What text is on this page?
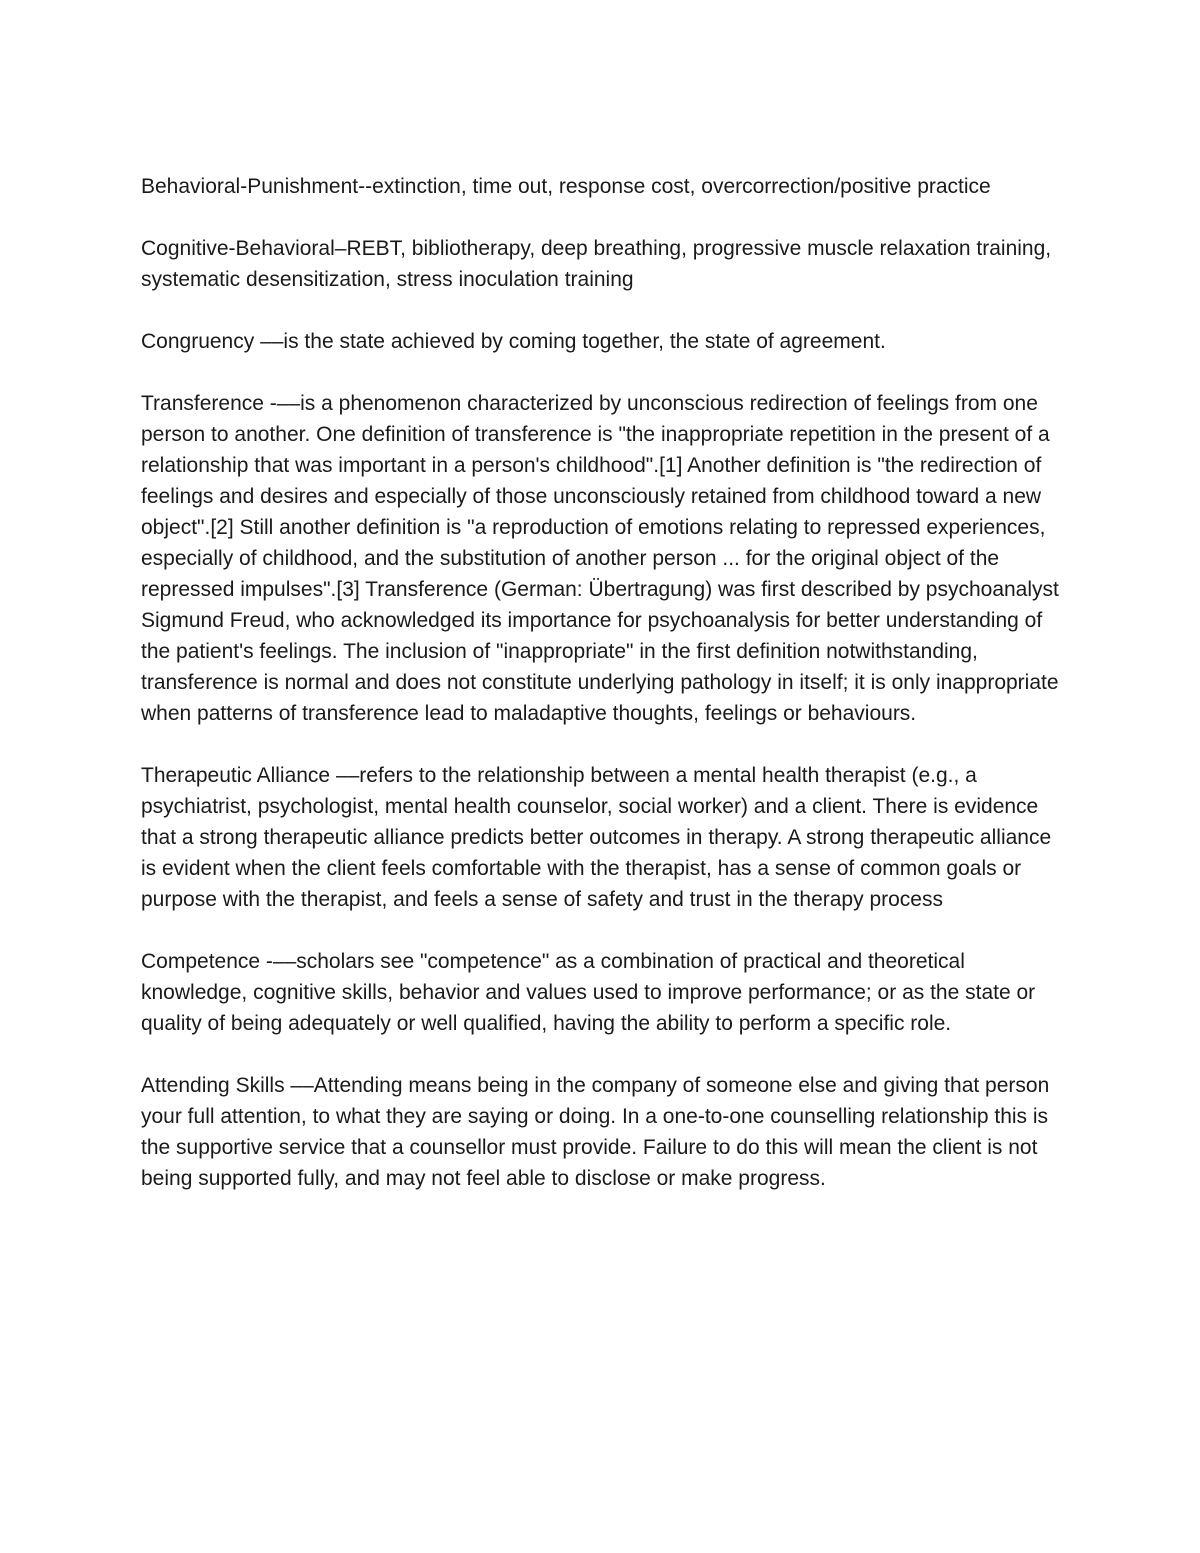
Behavioral-Punishment--extinction, time out, response cost, overcorrection/positive practice

Cognitive-Behavioral–REBT, bibliotherapy, deep breathing, progressive muscle relaxation training, systematic desensitization, stress inoculation training

Congruency ––is the state achieved by coming together, the state of agreement.

Transference -––is a phenomenon characterized by unconscious redirection of feelings from one person to another. One definition of transference is "the inappropriate repetition in the present of a relationship that was important in a person's childhood".[1] Another definition is "the redirection of feelings and desires and especially of those unconsciously retained from childhood toward a new object".[2] Still another definition is "a reproduction of emotions relating to repressed experiences, especially of childhood, and the substitution of another person ... for the original object of the repressed impulses".[3] Transference (German: Übertragung) was first described by psychoanalyst Sigmund Freud, who acknowledged its importance for psychoanalysis for better understanding of the patient's feelings. The inclusion of "inappropriate" in the first definition notwithstanding, transference is normal and does not constitute underlying pathology in itself; it is only inappropriate when patterns of transference lead to maladaptive thoughts, feelings or behaviours.

Therapeutic Alliance ––refers to the relationship between a mental health therapist (e.g., a psychiatrist, psychologist, mental health counselor, social worker) and a client. There is evidence that a strong therapeutic alliance predicts better outcomes in therapy. A strong therapeutic alliance is evident when the client feels comfortable with the therapist, has a sense of common goals or purpose with the therapist, and feels a sense of safety and trust in the therapy process

Competence -––scholars see "competence" as a combination of practical and theoretical knowledge, cognitive skills, behavior and values used to improve performance; or as the state or quality of being adequately or well qualified, having the ability to perform a specific role.

Attending Skills ––Attending means being in the company of someone else and giving that person your full attention, to what they are saying or doing. In a one-to-one counselling relationship this is the supportive service that a counsellor must provide. Failure to do this will mean the client is not being supported fully, and may not feel able to disclose or make progress.
